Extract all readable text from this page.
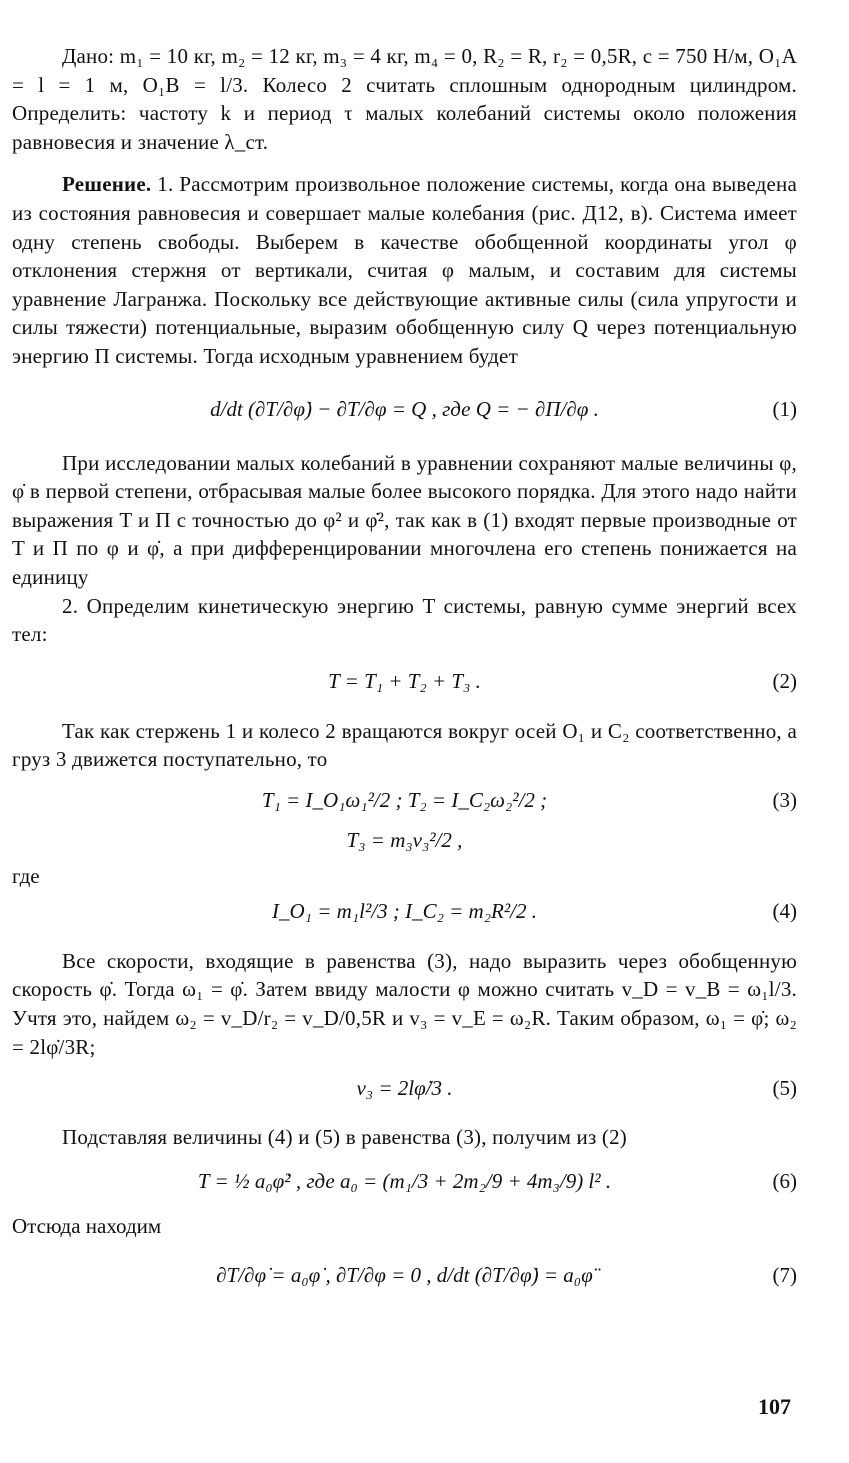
Дано: m₁ = 10 кг, m₂ = 12 кг, m₃ = 4 кг, m₄ = 0, R₂ = R, r₂ = 0,5R, c = 750 Н/м, O₁A = l = 1 м, O₁B = l/3. Колесо 2 считать сплошным однородным цилиндром. Определить: частоту k и период τ малых колебаний системы около положения равновесия и значение λ_ст.

Решение. 1. Рассмотрим произвольное положение системы, когда она выведена из состояния равновесия и совершает малые колебания (рис. Д12, в). Система имеет одну степень свободы. Выберем в качестве обобщенной координаты угол φ отклонения стержня от вертикали, считая φ малым, и составим для системы уравнение Лагранжа. Поскольку все действующие активные силы (сила упругости и силы тяжести) потенциальные, выразим обобщенную силу Q через потенциальную энергию П системы. Тогда исходным уравнением будет

d/dt (∂T/∂φ̇) − ∂T/∂φ = Q , где Q = − ∂П/∂φ .	(1)

При исследовании малых колебаний в уравнении сохраняют малые величины φ, φ̇ в первой степени, отбрасывая малые более высокого порядка. Для этого надо найти выражения T и П с точностью до φ² и φ̇², так как в (1) входят первые производные от T и П по φ и φ̇, а при дифференцировании многочлена его степень понижается на единицу

2. Определим кинетическую энергию T системы, равную сумме энергий всех тел:

T = T₁ + T₂ + T₃ .	(2)

Так как стержень 1 и колесо 2 вращаются вокруг осей O₁ и C₂ соответственно, а груз 3 движется поступательно, то

T₁ = I_O₁ω₁²/2 ; T₂ = I_C₂ω₂²/2 ;	(3)
T₃ = m₃v₃²/2 ,

где

I_O₁ = m₁l²/3 ; I_C₂ = m₂R²/2 .	(4)

Все скорости, входящие в равенства (3), надо выразить через обобщенную скорость φ̇. Тогда ω₁ = φ̇. Затем ввиду малости φ можно считать v_D = v_B = ω₁l/3. Учтя это, найдем ω₂ = v_D/r₂ = v_D/0,5R и v₃ = v_E = ω₂R. Таким образом, ω₁ = φ̇; ω₂ = 2lφ̇/3R;

v₃ = 2lφ̇/3 .	(5)

Подставляя величины (4) и (5) в равенства (3), получим из (2)

T = ½ a₀φ̇² , где a₀ = (m₁/3 + 2m₂/9 + 4m₃/9) l² .	(6)

Отсюда находим

∂T/∂φ̇ = a₀φ̇ , ∂T/∂φ = 0 , d/dt (∂T/∂φ̇) = a₀φ̈	(7)
107
